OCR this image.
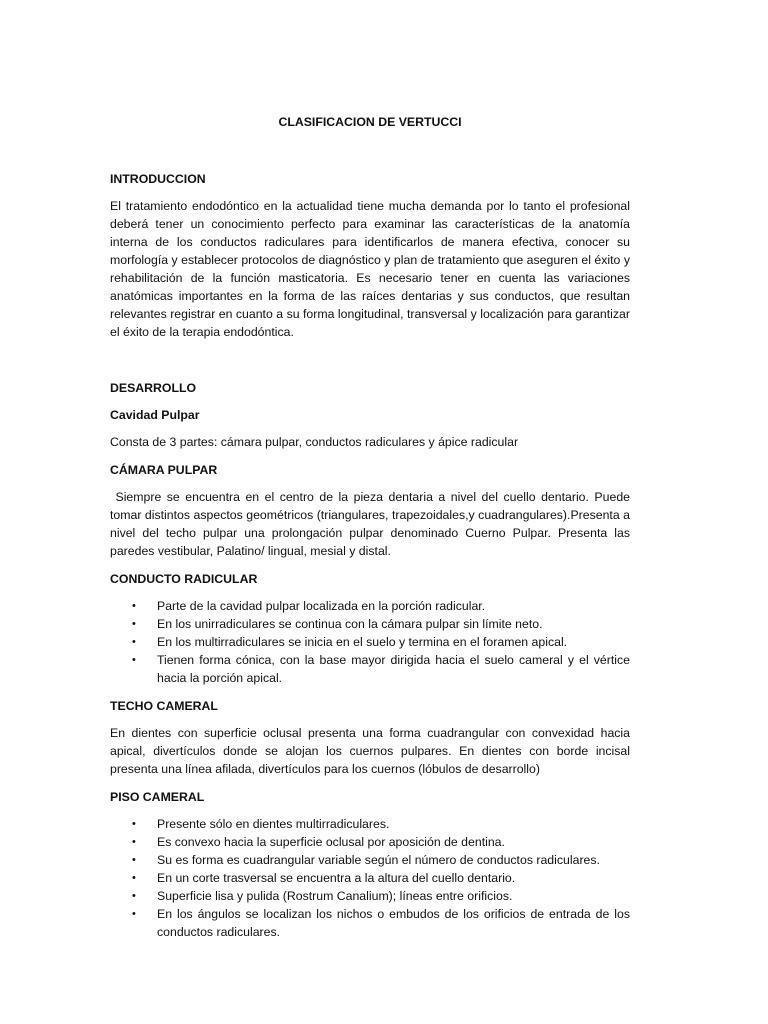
CLASIFICACION DE VERTUCCI
INTRODUCCION
El tratamiento endodóntico en la actualidad tiene mucha demanda por lo tanto el profesional deberá tener un conocimiento perfecto para examinar las características de la anatomía interna de los conductos radiculares para identificarlos de manera efectiva, conocer su morfología y establecer protocolos de diagnóstico y plan de tratamiento que aseguren el éxito y rehabilitación de la función masticatoria. Es necesario tener en cuenta las variaciones anatómicas importantes en la forma de las raíces dentarias y sus conductos, que resultan relevantes registrar en cuanto a su forma longitudinal, transversal y localización para garantizar el éxito de la terapia endodóntica.
DESARROLLO
Cavidad Pulpar
Consta de 3 partes: cámara pulpar, conductos radiculares y ápice radicular
CÁMARA PULPAR
Siempre se encuentra en el centro de la pieza dentaria a nivel del cuello dentario. Puede tomar distintos aspectos geométricos (triangulares, trapezoidales,y cuadrangulares).Presenta a nivel del techo pulpar una prolongación pulpar denominado Cuerno Pulpar. Presenta las paredes vestibular, Palatino/ lingual, mesial y distal.
CONDUCTO RADICULAR
• Parte de la cavidad pulpar localizada en la porción radicular.
• En los unirradiculares se continua con la cámara pulpar sin límite neto.
• En los multirradiculares se inicia en el suelo y termina en el foramen apical.
• Tienen forma cónica, con la base mayor dirigida hacia el suelo cameral y el vértice hacia la porción apical.
TECHO CAMERAL
En dientes con superficie oclusal presenta una forma cuadrangular con convexidad hacia apical, divertículos donde se alojan los cuernos pulpares. En dientes con borde incisal presenta una línea afilada, divertículos para los cuernos (lóbulos de desarrollo)
PISO CAMERAL
• Presente sólo en dientes multirradiculares.
• Es convexo hacia la superficie oclusal por aposición de dentina.
• Su es forma es cuadrangular variable según el número de conductos radiculares.
• En un corte trasversal se encuentra a la altura del cuello dentario.
• Superficie lisa y pulida (Rostrum Canalium); líneas entre orificios.
• En los ángulos se localizan los nichos o embudos de los orificios de entrada de los conductos radiculares.
